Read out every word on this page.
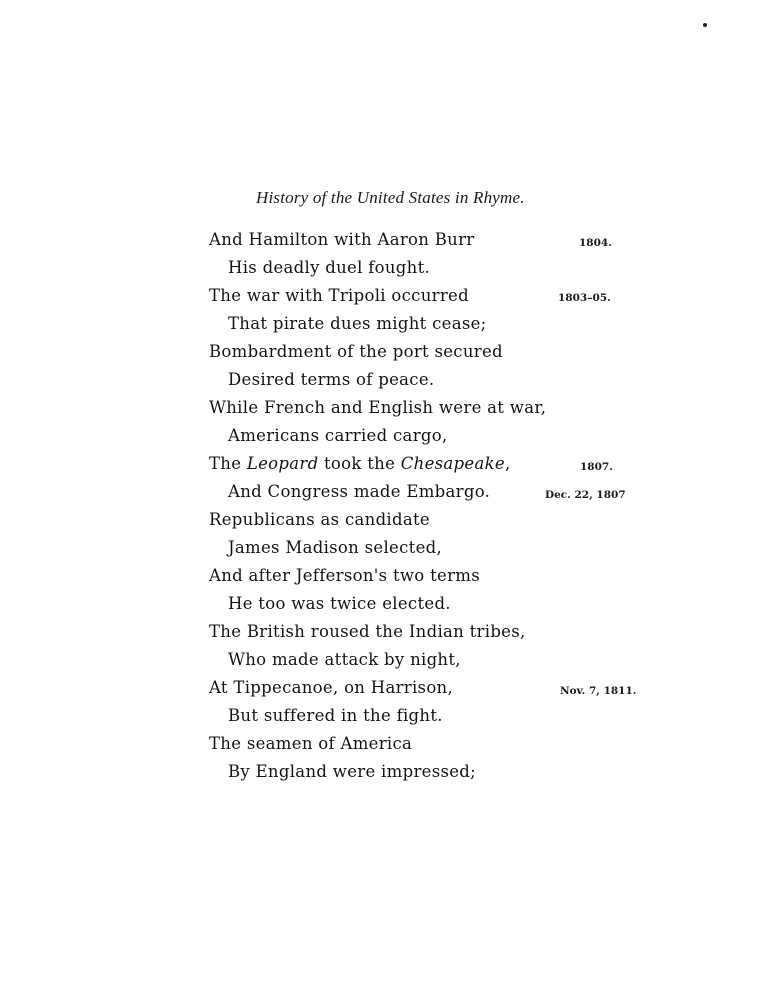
History of the United States in Rhyme.
And Hamilton with Aaron Burr
His deadly duel fought.
The war with Tripoli occurred
That pirate dues might cease;
Bombardment of the port secured
Desired terms of peace.
While French and English were at war,
Americans carried cargo,
The Leopard took the Chesapeake,
And Congress made Embargo.
Republicans as candidate
James Madison selected,
And after Jefferson's two terms
He too was twice elected.
The British roused the Indian tribes,
Who made attack by night,
At Tippecanoe, on Harrison,
But suffered in the fight.
The seamen of America
By England were impressed;
1804.
1803–05.
1807.
Dec. 22, 1807
Nov. 7, 1811.
